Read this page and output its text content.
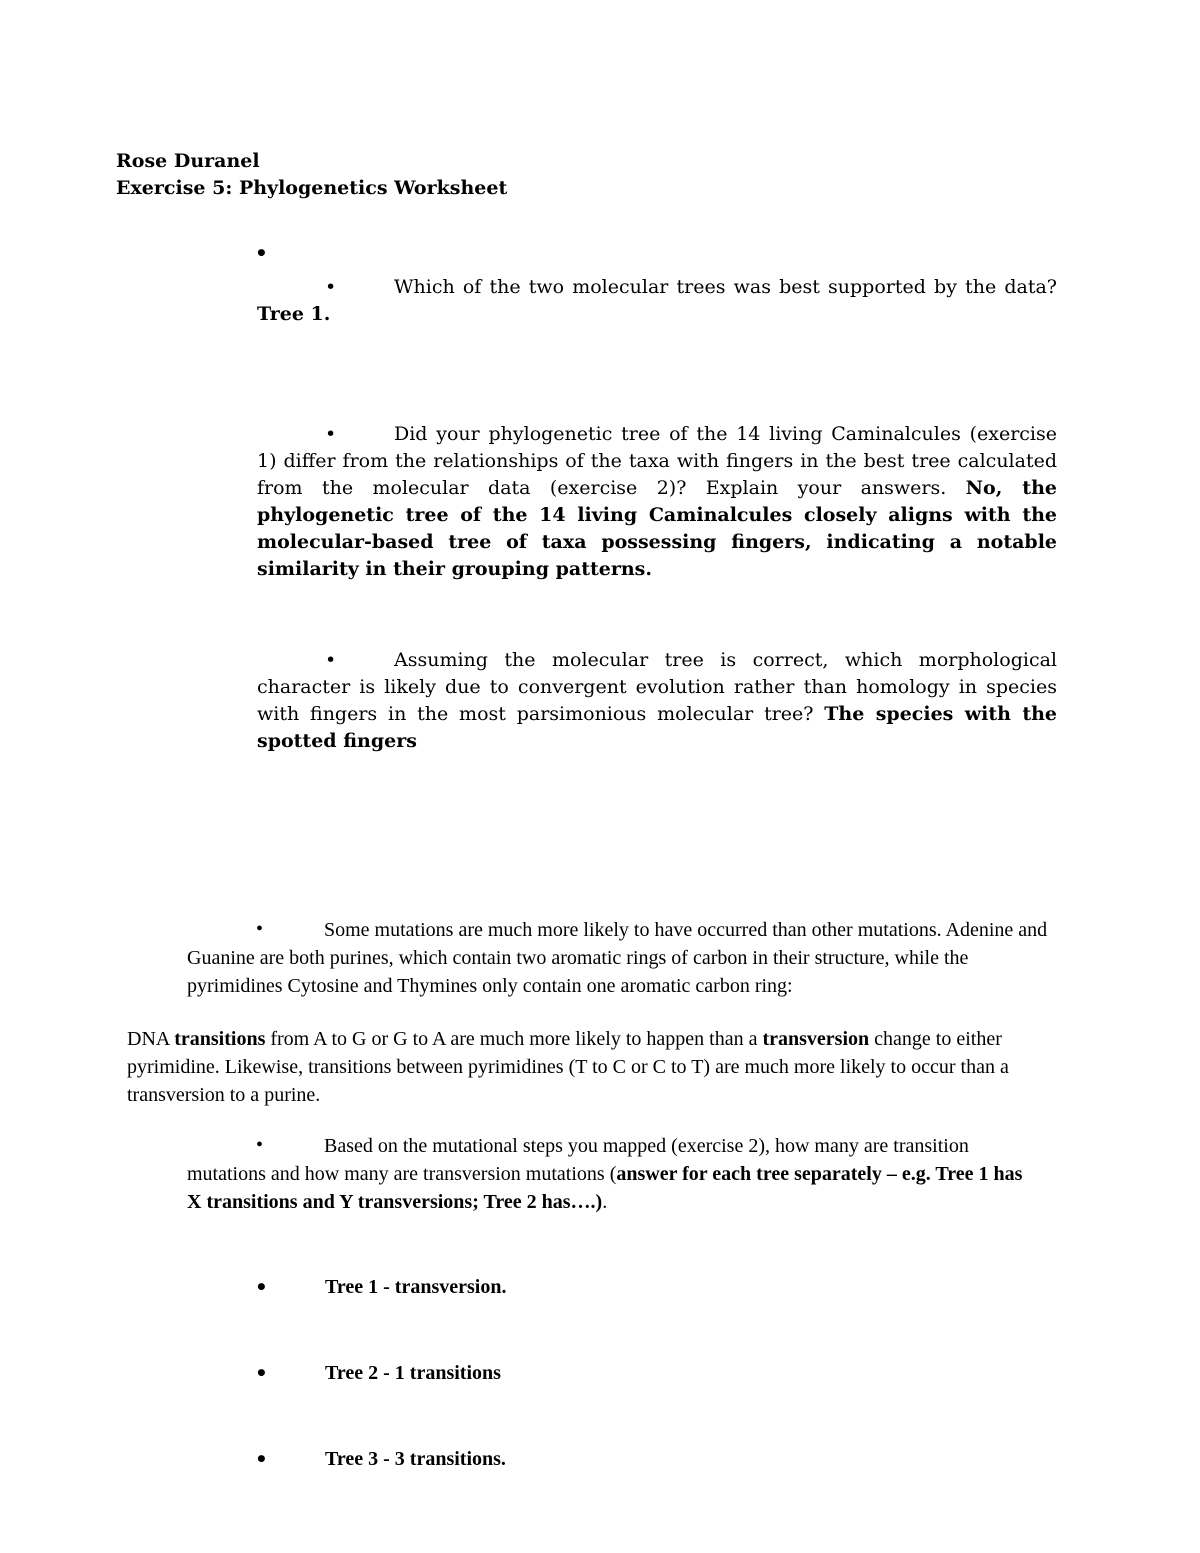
Rose Duranel
Exercise 5: Phylogenetics Worksheet
•
•	Which of the two molecular trees was best supported by the data? Tree 1.
•	Did your phylogenetic tree of the 14 living Caminalcules (exercise 1) differ from the relationships of the taxa with fingers in the best tree calculated from the molecular data (exercise 2)? Explain your answers. No, the phylogenetic tree of the 14 living Caminalcules closely aligns with the molecular-based tree of taxa possessing fingers, indicating a notable similarity in their grouping patterns.
•	Assuming the molecular tree is correct, which morphological character is likely due to convergent evolution rather than homology in species with fingers in the most parsimonious molecular tree? The species with the spotted fingers
•	Some mutations are much more likely to have occurred than other mutations. Adenine and Guanine are both purines, which contain two aromatic rings of carbon in their structure, while the pyrimidines Cytosine and Thymines only contain one aromatic carbon ring:
DNA transitions from A to G or G to A are much more likely to happen than a transversion change to either pyrimidine. Likewise, transitions between pyrimidines (T to C or C to T) are much more likely to occur than a transversion to a purine.
•	Based on the mutational steps you mapped (exercise 2), how many are transition mutations and how many are transversion mutations (answer for each tree separately – e.g. Tree 1 has X transitions and Y transversions; Tree 2 has….).
•	Tree 1 - transversion.
•	Tree 2 - 1 transitions
•	Tree 3 - 3 transitions.
